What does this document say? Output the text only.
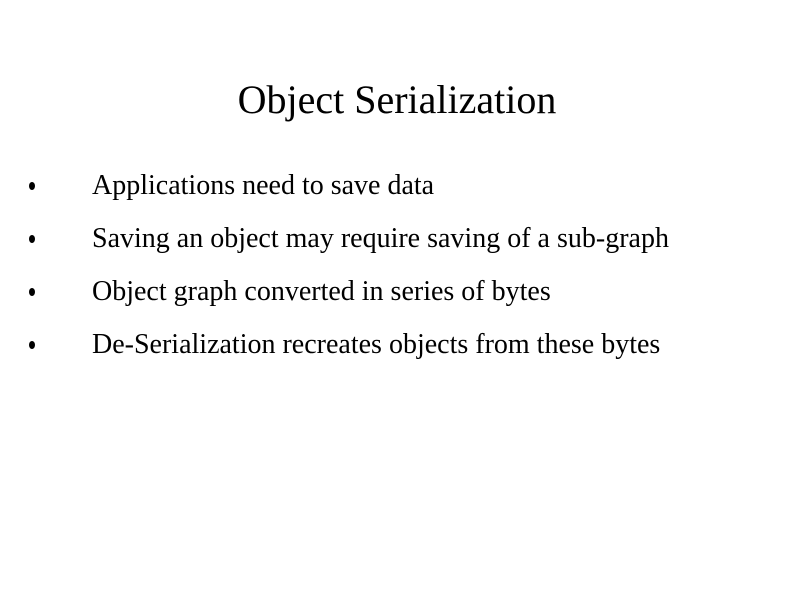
Object Serialization
Applications need to save data
Saving an object may require saving of a sub-graph
Object graph converted in series of bytes
De-Serialization recreates objects from these bytes
